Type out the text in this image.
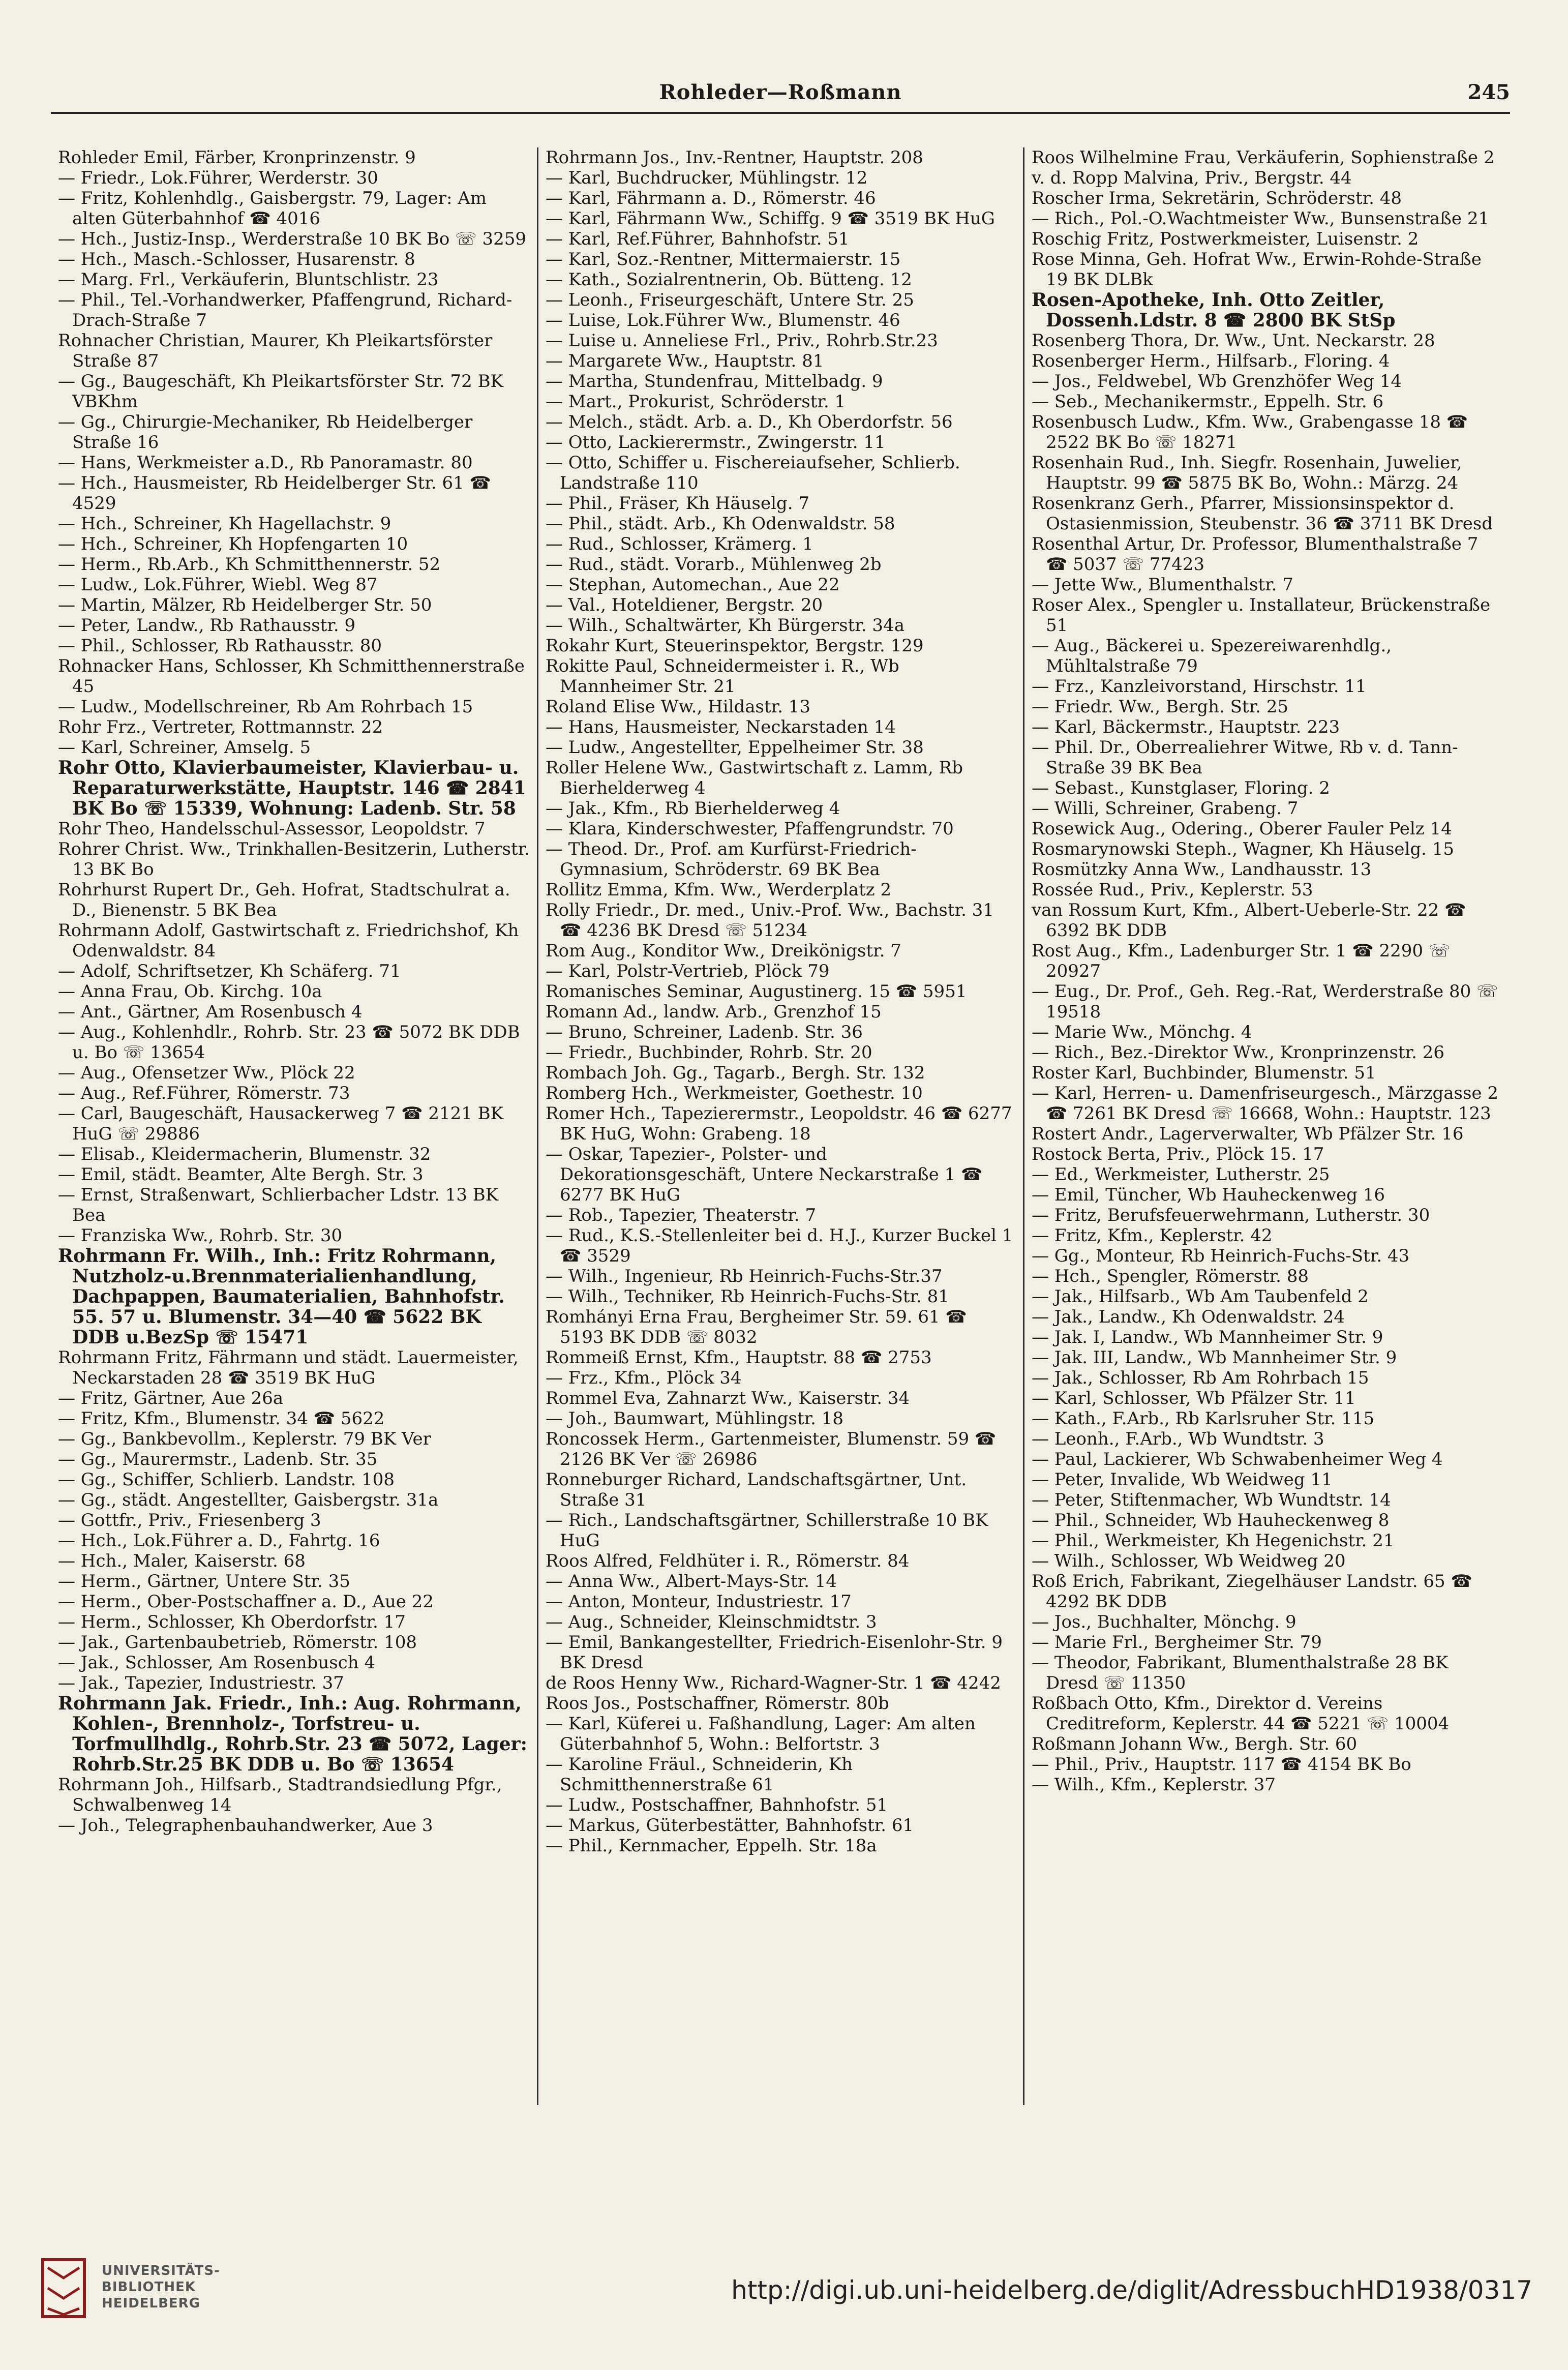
Rohleder—Roßmann	245

Rohleder Emil, Färber, Kronprinzenstr. 9

— Friedr., Lok.Führer, Werderstr. 30

— Fritz, Kohlenhdlg., Gaisbergstr. 79, Lager: Am alten Güterbahnhof ☎ 4016

— Hch., Justiz-Insp., Werderstraße 10 BK Bo ☏ 3259

— Hch., Masch.-Schlosser, Husarenstr. 8

— Marg. Frl., Verkäuferin, Bluntschlistr. 23

— Phil., Tel.-Vorhandwerker, Pfaffengrund, Richard-Drach-Straße 7

Rohnacher Christian, Maurer, Kh Pleikartsförster Straße 87

— Gg., Baugeschäft, Kh Pleikartsförster Str. 72 BK VBKhm

— Gg., Chirurgie-Mechaniker, Rb Heidelberger Straße 16

— Hans, Werkmeister a.D., Rb Panoramastr. 80

— Hch., Hausmeister, Rb Heidelberger Str. 61 ☎ 4529

— Hch., Schreiner, Kh Hagellachstr. 9

— Hch., Schreiner, Kh Hopfengarten 10

— Herm., Rb.Arb., Kh Schmitthennerstr. 52

— Ludw., Lok.Führer, Wiebl. Weg 87

— Martin, Mälzer, Rb Heidelberger Str. 50

— Peter, Landw., Rb Rathausstr. 9

— Phil., Schlosser, Rb Rathausstr. 80

Rohnacker Hans, Schlosser, Kh Schmitthennerstraße 45

— Ludw., Modellschreiner, Rb Am Rohrbach 15

Rohr Frz., Vertreter, Rottmannstr. 22

— Karl, Schreiner, Amselg. 5

Rohr Otto, Klavierbaumeister, Klavierbau- u. Reparaturwerkstätte, Hauptstr. 146 ☎ 2841 BK Bo ☏ 15339, Wohnung: Ladenb. Str. 58

Rohr Theo, Handelsschul-Assessor, Leopoldstr. 7

Rohrer Christ. Ww., Trinkhallen-Besitzerin, Lutherstr. 13 BK Bo

Rohrhurst Rupert Dr., Geh. Hofrat, Stadtschulrat a. D., Bienenstr. 5 BK Bea

Rohrmann Adolf, Gastwirtschaft z. Friedrichshof, Kh Odenwaldstr. 84

— Adolf, Schriftsetzer, Kh Schäferg. 71

— Anna Frau, Ob. Kirchg. 10a

— Ant., Gärtner, Am Rosenbusch 4

— Aug., Kohlenhdlr., Rohrb. Str. 23 ☎ 5072 BK DDB u. Bo ☏ 13654

— Aug., Ofensetzer Ww., Plöck 22

— Aug., Ref.Führer, Römerstr. 73

— Carl, Baugeschäft, Hausackerweg 7 ☎ 2121 BK HuG ☏ 29886

— Elisab., Kleidermacherin, Blumenstr. 32

— Emil, städt. Beamter, Alte Bergh. Str. 3

— Ernst, Straßenwart, Schlierbacher Ldstr. 13 BK Bea

— Franziska Ww., Rohrb. Str. 30

Rohrmann Fr. Wilh., Inh.: Fritz Rohrmann, Nutzholz-u.Brennmaterialienhandlung, Dachpappen, Baumaterialien, Bahnhofstr. 55. 57 u. Blumenstr. 34—40 ☎ 5622 BK DDB u.BezSp ☏ 15471

Rohrmann Fritz, Fährmann und städt. Lauermeister, Neckarstaden 28 ☎ 3519 BK HuG

— Fritz, Gärtner, Aue 26a

— Fritz, Kfm., Blumenstr. 34 ☎ 5622

— Gg., Bankbevollm., Keplerstr. 79 BK Ver

— Gg., Maurermstr., Ladenb. Str. 35

— Gg., Schiffer, Schlierb. Landstr. 108

— Gg., städt. Angestellter, Gaisbergstr. 31a

— Gottfr., Priv., Friesenberg 3

— Hch., Lok.Führer a. D., Fahrtg. 16

— Hch., Maler, Kaiserstr. 68

— Herm., Gärtner, Untere Str. 35

— Herm., Ober-Postschaffner a. D., Aue 22

— Herm., Schlosser, Kh Oberdorfstr. 17

— Jak., Gartenbaubetrieb, Römerstr. 108

— Jak., Schlosser, Am Rosenbusch 4

— Jak., Tapezier, Industriestr. 37

Rohrmann Jak. Friedr., Inh.: Aug. Rohrmann, Kohlen-, Brennholz-, Torfstreu- u. Torfmullhdlg., Rohrb.Str. 23 ☎ 5072, Lager: Rohrb.Str.25 BK DDB u. Bo ☏ 13654

Rohrmann Joh., Hilfsarb., Stadtrandsiedlung Pfgr., Schwalbenweg 14

— Joh., Telegraphenbauhandwerker, Aue 3

Rohrmann Jos., Inv.-Rentner, Hauptstr. 208

— Karl, Buchdrucker, Mühlingstr. 12

— Karl, Fährmann a. D., Römerstr. 46

— Karl, Fährmann Ww., Schiffg. 9 ☎ 3519 BK HuG

— Karl, Ref.Führer, Bahnhofstr. 51

— Karl, Soz.-Rentner, Mittermaierstr. 15

— Kath., Sozialrentnerin, Ob. Bütteng. 12

— Leonh., Friseurgeschäft, Untere Str. 25

— Luise, Lok.Führer Ww., Blumenstr. 46

— Luise u. Anneliese Frl., Priv., Rohrb.Str.23

— Margarete Ww., Hauptstr. 81

— Martha, Stundenfrau, Mittelbadg. 9

— Mart., Prokurist, Schröderstr. 1

— Melch., städt. Arb. a. D., Kh Oberdorfstr. 56

— Otto, Lackierermstr., Zwingerstr. 11

— Otto, Schiffer u. Fischereiaufseher, Schlierb. Landstraße 110

— Phil., Fräser, Kh Häuselg. 7

— Phil., städt. Arb., Kh Odenwaldstr. 58

— Rud., Schlosser, Krämerg. 1

— Rud., städt. Vorarb., Mühlenweg 2b

— Stephan, Automechan., Aue 22

— Val., Hoteldiener, Bergstr. 20

— Wilh., Schaltwärter, Kh Bürgerstr. 34a

Rokahr Kurt, Steuerinspektor, Bergstr. 129

Rokitte Paul, Schneidermeister i. R., Wb Mannheimer Str. 21

Roland Elise Ww., Hildastr. 13

— Hans, Hausmeister, Neckarstaden 14

— Ludw., Angestellter, Eppelheimer Str. 38

Roller Helene Ww., Gastwirtschaft z. Lamm, Rb Bierhelderweg 4

— Jak., Kfm., Rb Bierhelderweg 4

— Klara, Kinderschwester, Pfaffengrundstr. 70

— Theod. Dr., Prof. am Kurfürst-Friedrich-Gymnasium, Schröderstr. 69 BK Bea

Rollitz Emma, Kfm. Ww., Werderplatz 2

Rolly Friedr., Dr. med., Univ.-Prof. Ww., Bachstr. 31 ☎ 4236 BK Dresd ☏ 51234

Rom Aug., Konditor Ww., Dreikönigstr. 7

— Karl, Polstr-Vertrieb, Plöck 79

Romanisches Seminar, Augustinerg. 15 ☎ 5951

Romann Ad., landw. Arb., Grenzhof 15

— Bruno, Schreiner, Ladenb. Str. 36

— Friedr., Buchbinder, Rohrb. Str. 20

Rombach Joh. Gg., Tagarb., Bergh. Str. 132

Romberg Hch., Werkmeister, Goethestr. 10

Romer Hch., Tapezierermstr., Leopoldstr. 46 ☎ 6277 BK HuG, Wohn: Grabeng. 18

— Oskar, Tapezier-, Polster- und Dekorationsgeschäft, Untere Neckarstraße 1 ☎ 6277 BK HuG

— Rob., Tapezier, Theaterstr. 7

— Rud., K.S.-Stellenleiter bei d. H.J., Kurzer Buckel 1 ☎ 3529

— Wilh., Ingenieur, Rb Heinrich-Fuchs-Str.37

— Wilh., Techniker, Rb Heinrich-Fuchs-Str. 81

Romhányi Erna Frau, Bergheimer Str. 59. 61 ☎ 5193 BK DDB ☏ 8032

Rommeiß Ernst, Kfm., Hauptstr. 88 ☎ 2753

— Frz., Kfm., Plöck 34

Rommel Eva, Zahnarzt Ww., Kaiserstr. 34

— Joh., Baumwart, Mühlingstr. 18

Roncossek Herm., Gartenmeister, Blumenstr. 59 ☎ 2126 BK Ver ☏ 26986

Ronneburger Richard, Landschaftsgärtner, Unt. Straße 31

— Rich., Landschaftsgärtner, Schillerstraße 10 BK HuG

Roos Alfred, Feldhüter i. R., Römerstr. 84

— Anna Ww., Albert-Mays-Str. 14

— Anton, Monteur, Industriestr. 17

— Aug., Schneider, Kleinschmidtstr. 3

— Emil, Bankangestellter, Friedrich-Eisenlohr-Str. 9 BK Dresd

de Roos Henny Ww., Richard-Wagner-Str. 1 ☎ 4242

Roos Jos., Postschaffner, Römerstr. 80b

— Karl, Küferei u. Faßhandlung, Lager: Am alten Güterbahnhof 5, Wohn.: Belfortstr. 3

— Karoline Fräul., Schneiderin, Kh Schmitthennerstraße 61

— Ludw., Postschaffner, Bahnhofstr. 51

— Markus, Güterbestätter, Bahnhofstr. 61

— Phil., Kernmacher, Eppelh. Str. 18a

Roos Wilhelmine Frau, Verkäuferin, Sophienstraße 2

v. d. Ropp Malvina, Priv., Bergstr. 44

Roscher Irma, Sekretärin, Schröderstr. 48

— Rich., Pol.-O.Wachtmeister Ww., Bunsenstraße 21

Roschig Fritz, Postwerkmeister, Luisenstr. 2

Rose Minna, Geh. Hofrat Ww., Erwin-Rohde-Straße 19 BK DLBk

Rosen-Apotheke, Inh. Otto Zeitler, Dossenh.Ldstr. 8 ☎ 2800 BK StSp

Rosenberg Thora, Dr. Ww., Unt. Neckarstr. 28

Rosenberger Herm., Hilfsarb., Floring. 4

— Jos., Feldwebel, Wb Grenzhöfer Weg 14

— Seb., Mechanikermstr., Eppelh. Str. 6

Rosenbusch Ludw., Kfm. Ww., Grabengasse 18 ☎ 2522 BK Bo ☏ 18271

Rosenhain Rud., Inh. Siegfr. Rosenhain, Juwelier, Hauptstr. 99 ☎ 5875 BK Bo, Wohn.: Märzg. 24

Rosenkranz Gerh., Pfarrer, Missionsinspektor d. Ostasienmission, Steubenstr. 36 ☎ 3711 BK Dresd

Rosenthal Artur, Dr. Professor, Blumenthalstraße 7 ☎ 5037 ☏ 77423

— Jette Ww., Blumenthalstr. 7

Roser Alex., Spengler u. Installateur, Brückenstraße 51

— Aug., Bäckerei u. Spezereiwarenhdlg., Mühltalstraße 79

— Frz., Kanzleivorstand, Hirschstr. 11

— Friedr. Ww., Bergh. Str. 25

— Karl, Bäckermstr., Hauptstr. 223

— Phil. Dr., Oberrealiehrer Witwe, Rb v. d. Tann-Straße 39 BK Bea

— Sebast., Kunstglaser, Floring. 2

— Willi, Schreiner, Grabeng. 7

Rosewick Aug., Odering., Oberer Fauler Pelz 14

Rosmarynowski Steph., Wagner, Kh Häuselg. 15

Rosmützky Anna Ww., Landhausstr. 13

Rossée Rud., Priv., Keplerstr. 53

van Rossum Kurt, Kfm., Albert-Ueberle-Str. 22 ☎ 6392 BK DDB

Rost Aug., Kfm., Ladenburger Str. 1 ☎ 2290 ☏ 20927

— Eug., Dr. Prof., Geh. Reg.-Rat, Werderstraße 80 ☏ 19518

— Marie Ww., Mönchg. 4

— Rich., Bez.-Direktor Ww., Kronprinzenstr. 26

Roster Karl, Buchbinder, Blumenstr. 51

— Karl, Herren- u. Damenfriseurgesch., Märzgasse 2 ☎ 7261 BK Dresd ☏ 16668, Wohn.: Hauptstr. 123

Rostert Andr., Lagerverwalter, Wb Pfälzer Str. 16

Rostock Berta, Priv., Plöck 15. 17

— Ed., Werkmeister, Lutherstr. 25

— Emil, Tüncher, Wb Hauheckenweg 16

— Fritz, Berufsfeuerwehrmann, Lutherstr. 30

— Fritz, Kfm., Keplerstr. 42

— Gg., Monteur, Rb Heinrich-Fuchs-Str. 43

— Hch., Spengler, Römerstr. 88

— Jak., Hilfsarb., Wb Am Taubenfeld 2

— Jak., Landw., Kh Odenwaldstr. 24

— Jak. I, Landw., Wb Mannheimer Str. 9

— Jak. III, Landw., Wb Mannheimer Str. 9

— Jak., Schlosser, Rb Am Rohrbach 15

— Karl, Schlosser, Wb Pfälzer Str. 11

— Kath., F.Arb., Rb Karlsruher Str. 115

— Leonh., F.Arb., Wb Wundtstr. 3

— Paul, Lackierer, Wb Schwabenheimer Weg 4

— Peter, Invalide, Wb Weidweg 11

— Peter, Stiftenmacher, Wb Wundtstr. 14

— Phil., Schneider, Wb Hauheckenweg 8

— Phil., Werkmeister, Kh Hegenichstr. 21

— Wilh., Schlosser, Wb Weidweg 20

Roß Erich, Fabrikant, Ziegelhäuser Landstr. 65 ☎ 4292 BK DDB

— Jos., Buchhalter, Mönchg. 9

— Marie Frl., Bergheimer Str. 79

— Theodor, Fabrikant, Blumenthalstraße 28 BK Dresd ☏ 11350

Roßbach Otto, Kfm., Direktor d. Vereins Creditreform, Keplerstr. 44 ☎ 5221 ☏ 10004

Roßmann Johann Ww., Bergh. Str. 60

— Phil., Priv., Hauptstr. 117 ☎ 4154 BK Bo

— Wilh., Kfm., Keplerstr. 37

UNIVERSITÄTS-
BIBLIOTHEK
HEIDELBERG	http://digi.ub.uni-heidelberg.de/diglit/AdressbuchHD1938/0317
